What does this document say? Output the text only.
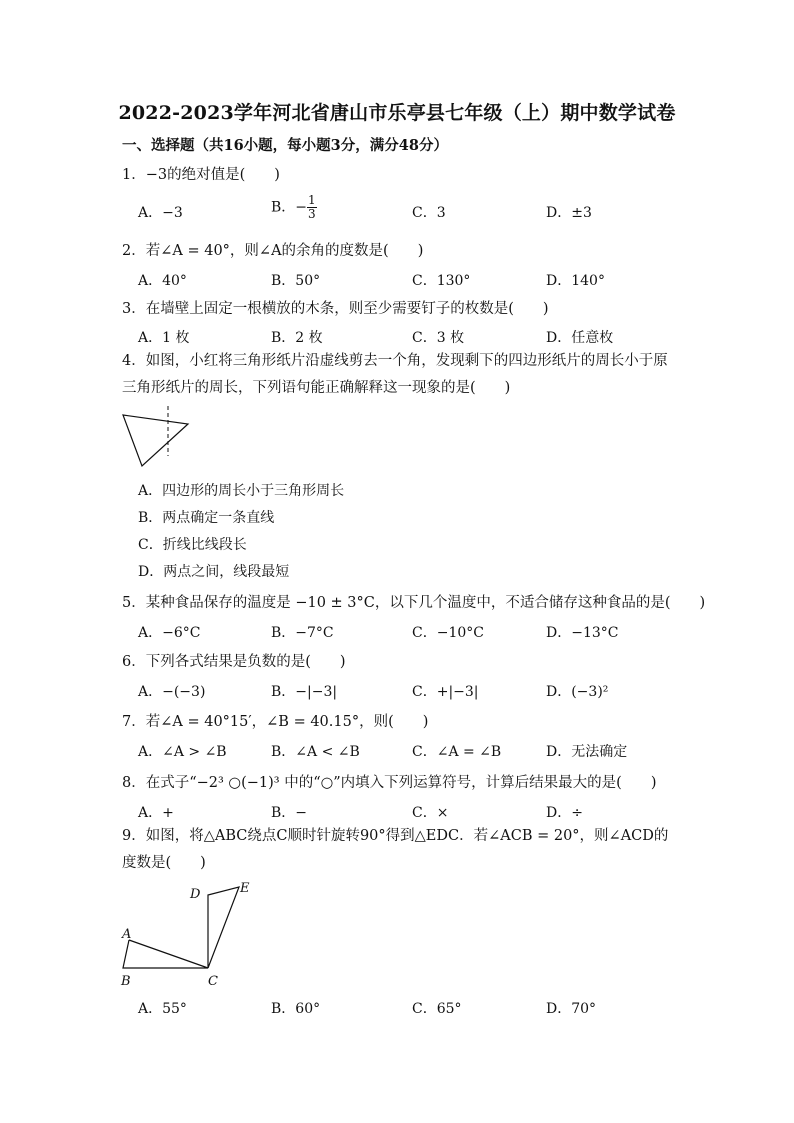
2022-2023学年河北省唐山市乐亭县七年级（上）期中数学试卷
一、选择题（共16小题，每小题3分，满分48分）
1．−3的绝对值是(　　)
A．−3	B．− $\frac{1}{3}$	C．3	D．±3
2．若∠A = 40°，则∠A的余角的度数是(　　)
A．40°	B．50°	C．130°	D．140°
3．在墙壁上固定一根横放的木条，则至少需要钉子的枚数是(　　)
A．1 枚	B．2 枚	C．3 枚	D．任意枚
4．如图，小红将三角形纸片沿虚线剪去一个角，发现剩下的四边形纸片的周长小于原三角形纸片的周长，下列语句能正确解释这一现象的是(　　)
A．四边形的周长小于三角形周长
B．两点确定一条直线
C．折线比线段长
D．两点之间，线段最短
5．某种食品保存的温度是 −10 ± 3°C，以下几个温度中，不适合储存这种食品的是(　　)
A．−6°C	B．−7°C	C．−10°C	D．−13°C
6．下列各式结果是负数的是(　　)
A．−(−3)	B．−|−3|	C．+|−3|	D．(−3)²
7．若∠A = 40°15′，∠B = 40.15°，则(　　)
A．∠A > ∠B	B．∠A < ∠B	C．∠A = ∠B	D．无法确定
8．在式子“−2³ ○(−1)³ 中的“○”内填入下列运算符号，计算后结果最大的是(　　)
A．+	B．−	C．×	D．÷
9．如图，将△ABC绕点C顺时针旋转90°得到△EDC．若∠ACB = 20°，则∠ACD的度数是(　　)
A
B	C
D	E
A．55°	B．60°	C．65°	D．70°
